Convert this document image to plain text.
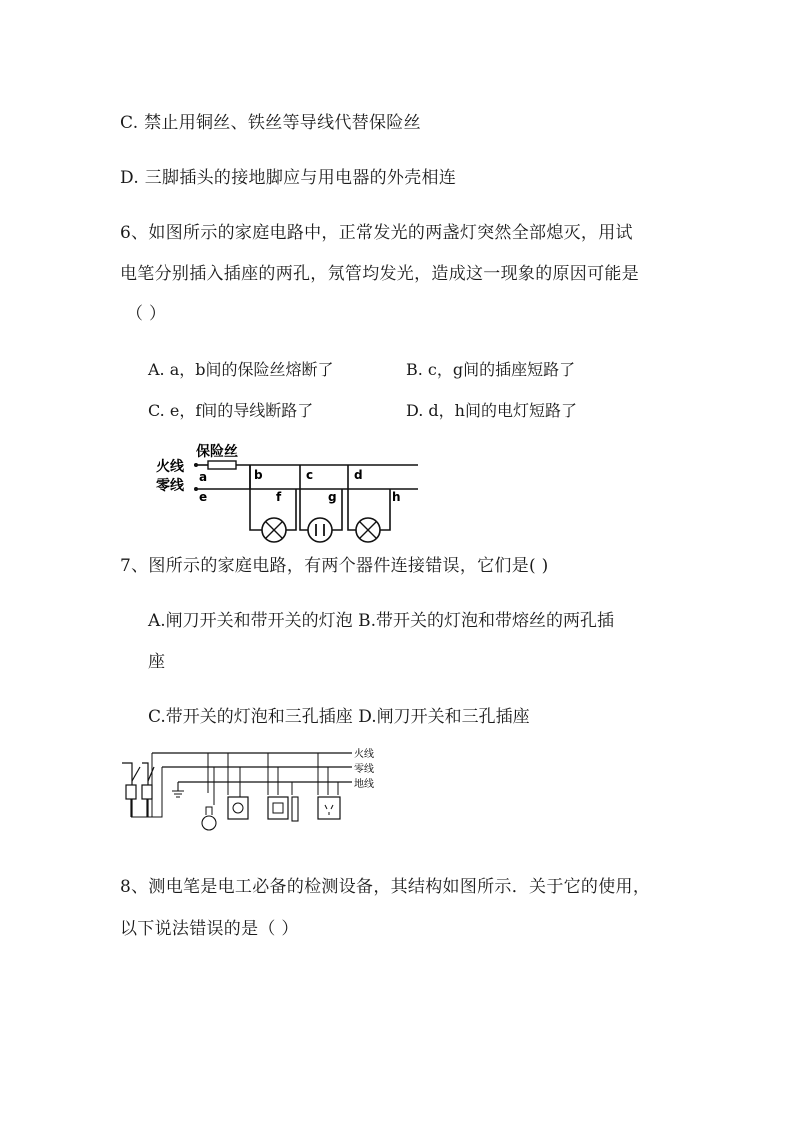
C. 禁止用铜丝、铁丝等导线代替保险丝
D. 三脚插头的接地脚应与用电器的外壳相连
6、如图所示的家庭电路中，正常发光的两盏灯突然全部熄灭，用试
电笔分别插入插座的两孔，氖管均发光，造成这一现象的原因可能是
（ ）
A. a，b间的保险丝熔断了	B. c，g间的插座短路了
C. e，f间的导线断路了	D. d，h间的电灯短路了
保险丝
火线
零线
a
e
b
f
c
g
d
h
7、图所示的家庭电路，有两个器件连接错误，它们是( )
A.闸刀开关和带开关的灯泡 B.带开关的灯泡和带熔丝的两孔插
座
C.带开关的灯泡和三孔插座 D.闸刀开关和三孔插座
火线
零线
地线
8、测电笔是电工必备的检测设备，其结构如图所示．关于它的使用，
以下说法错误的是（ ）
